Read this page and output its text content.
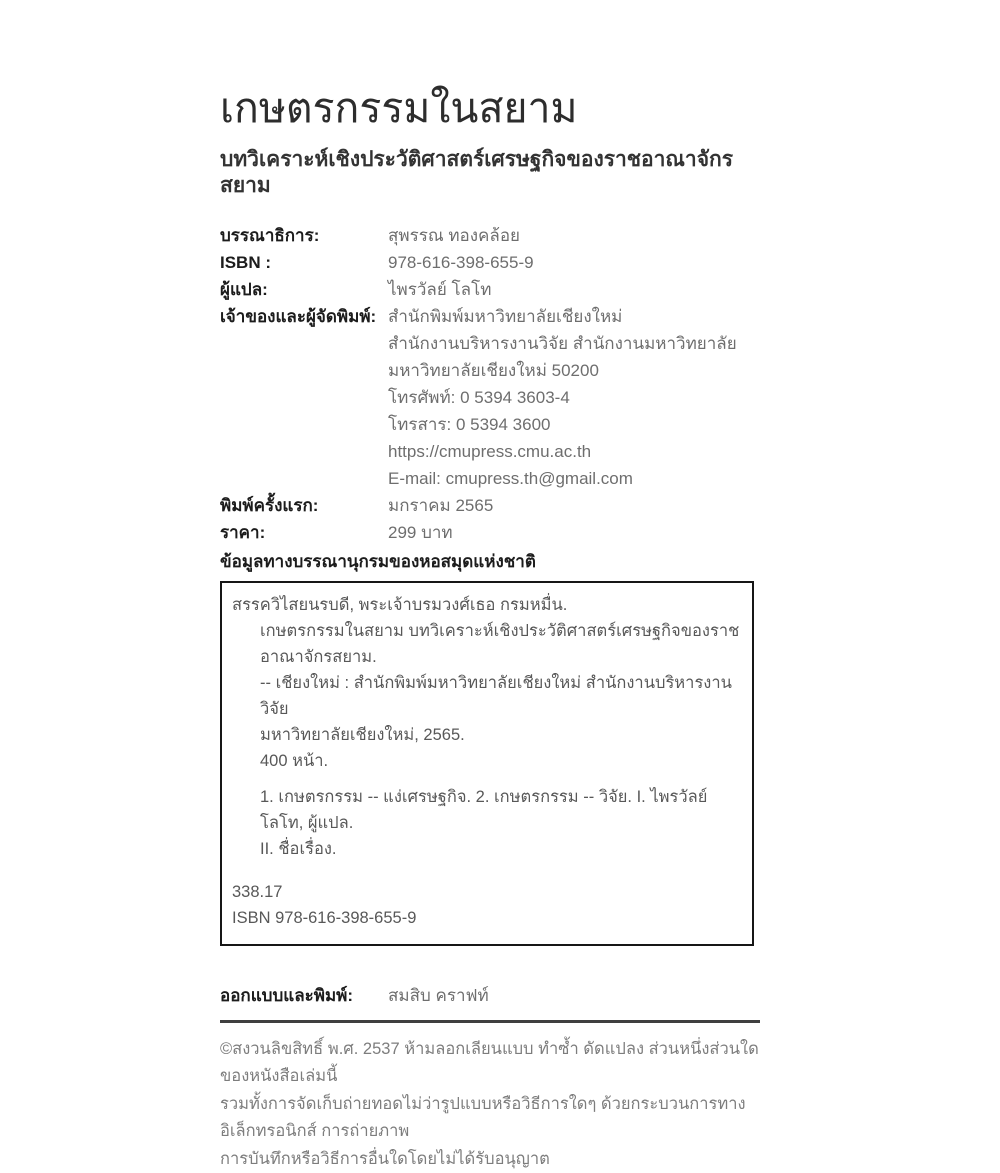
เกษตรกรรมในสยาม
บทวิเคราะห์เชิงประวัติศาสตร์เศรษฐกิจของราชอาณาจักรสยาม
บรรณาธิการ:	สุพรรณ ทองคล้อย
ISBN :	978-616-398-655-9
ผู้แปล:	ไพรวัลย์ โลโท
เจ้าของและผู้จัดพิมพ์: สำนักพิมพ์มหาวิทยาลัยเชียงใหม่
สำนักงานบริหารงานวิจัย สำนักงานมหาวิทยาลัย
มหาวิทยาลัยเชียงใหม่ 50200
โทรศัพท์: 0 5394 3603-4
โทรสาร: 0 5394 3600
https://cmupress.cmu.ac.th
E-mail: cmupress.th@gmail.com
พิมพ์ครั้งแรก:	มกราคม 2565
ราคา:	299 บาท
ข้อมูลทางบรรณานุกรมของหอสมุดแห่งชาติ
สรรควิไสยนรบดี, พระเจ้าบรมวงศ์เธอ กรมหมื่น.
เกษตรกรรมในสยาม บทวิเคราะห์เชิงประวัติศาสตร์เศรษฐกิจของราชอาณาจักรสยาม.
-- เชียงใหม่ : สำนักพิมพ์มหาวิทยาลัยเชียงใหม่ สำนักงานบริหารงานวิจัย
มหาวิทยาลัยเชียงใหม่, 2565.
400 หน้า.
1. เกษตรกรรม -- แง่เศรษฐกิจ. 2. เกษตรกรรม -- วิจัย. I. ไพรวัลย์ โลโท, ผู้แปล.
II. ชื่อเรื่อง.
338.17
ISBN 978-616-398-655-9
ออกแบบและพิมพ์:	สมสิบ คราฟท์
©สงวนลิขสิทธิ์ พ.ศ. 2537 ห้ามลอกเลียนแบบ ทำซ้ำ ดัดแปลง ส่วนหนึ่งส่วนใดของหนังสือเล่มนี้
รวมทั้งการจัดเก็บถ่ายทอดไม่ว่ารูปแบบหรือวิธีการใดๆ ด้วยกระบวนการทางอิเล็กทรอนิกส์ การถ่ายภาพ
การบันทึกหรือวิธีการอื่นใดโดยไม่ได้รับอนุญาต
